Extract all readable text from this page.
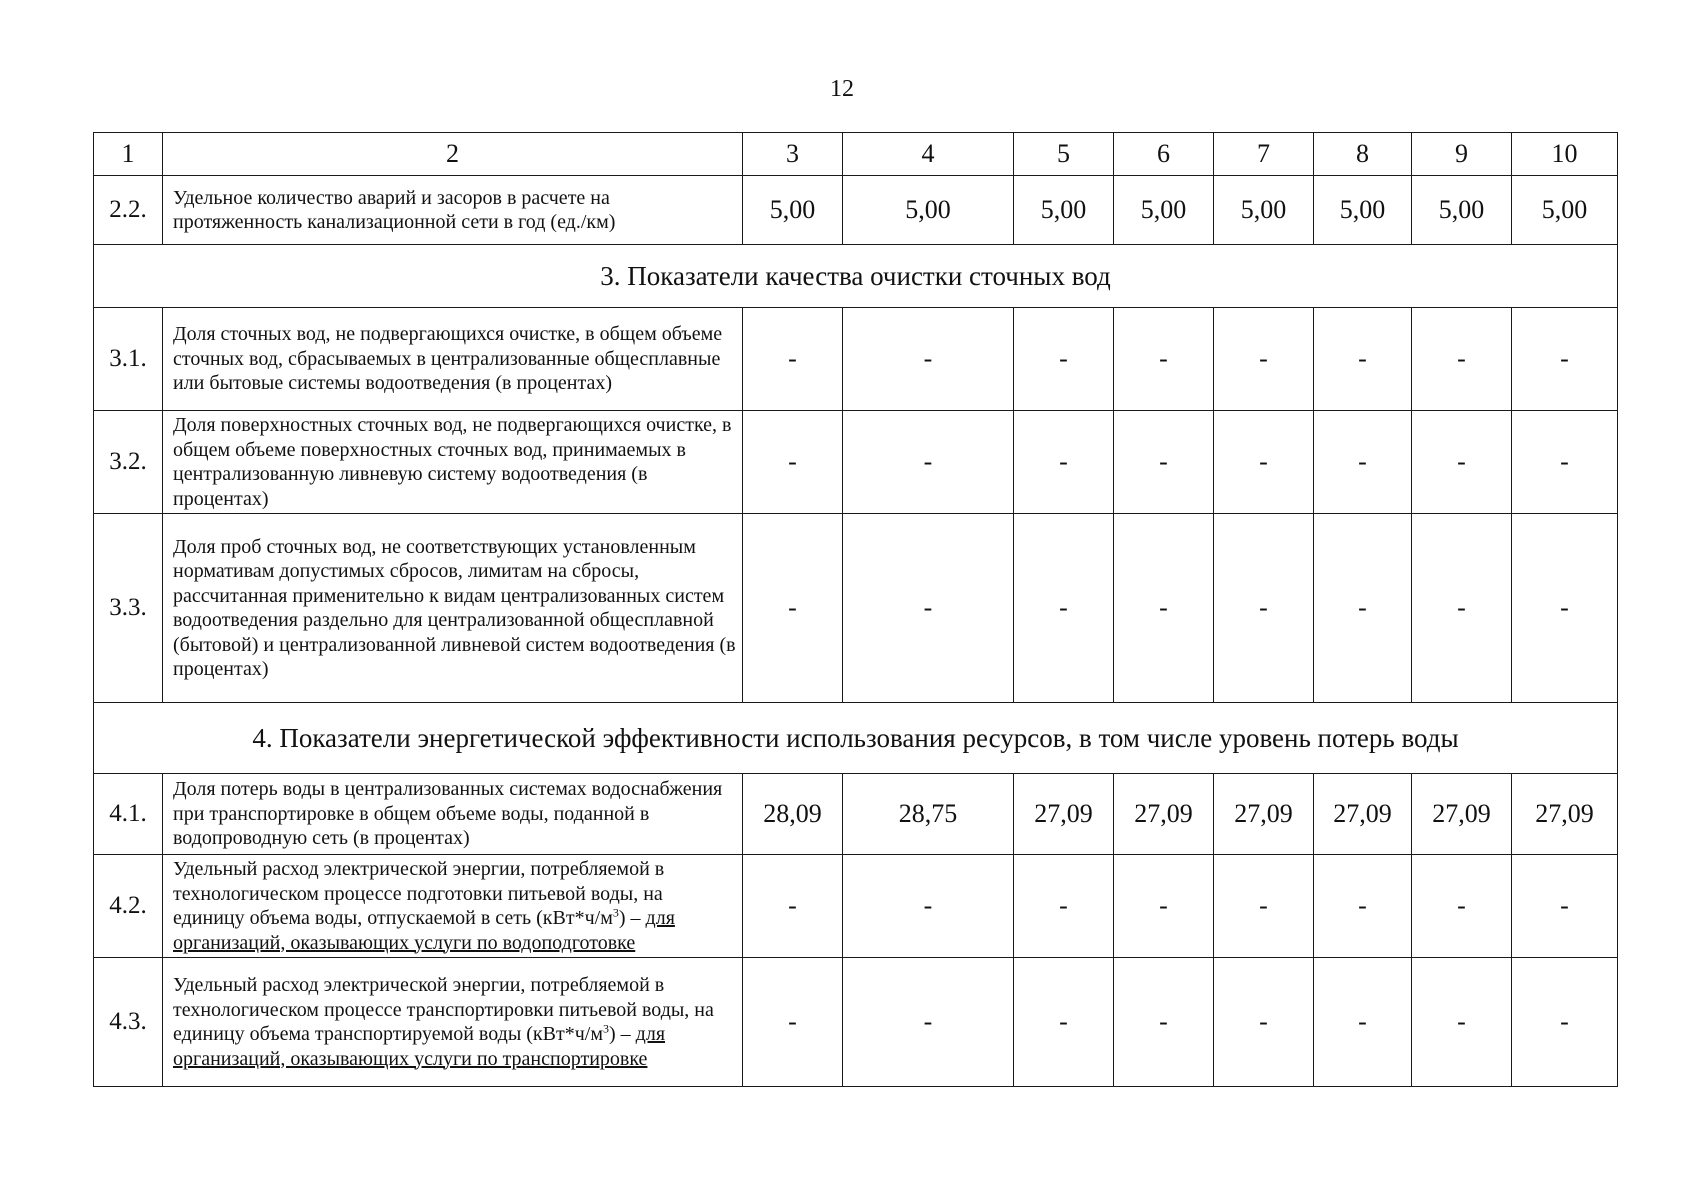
12
1	2	3	4	5	6	7	8	9	10
2.2.	Удельное количество аварий и засоров в расчете на протяженность канализационной сети в год (ед./км)	5,00	5,00	5,00	5,00	5,00	5,00	5,00	5,00
3. Показатели качества очистки сточных вод									
3.1.	Доля сточных вод, не подвергающихся очистке, в общем объеме сточных вод, сбрасываемых в централизованные общесплавные или бытовые системы водоотведения (в процентах)	-	-	-	-	-	-	-	-
3.2.	Доля поверхностных сточных вод, не подвергающихся очистке, в общем объеме поверхностных сточных вод, принимаемых в централизованную ливневую систему водоотведения (в процентах)	-	-	-	-	-	-	-	-
3.3.	Доля проб сточных вод, не соответствующих установленным нормативам допустимых сбросов, лимитам на сбросы, рассчитанная применительно к видам централизованных систем водоотведения раздельно для централизованной общесплавной (бытовой) и централизованной ливневой систем водоотведения (в процентах)	-	-	-	-	-	-	-	-
4. Показатели энергетической эффективности использования ресурсов, в том числе уровень потерь воды									
4.1.	Доля потерь воды в централизованных системах водоснабжения при транспортировке в общем объеме воды, поданной в водопроводную сеть (в процентах)	28,09	28,75	27,09	27,09	27,09	27,09	27,09	27,09
4.2.	Удельный расход электрической энергии, потребляемой в технологическом процессе подготовки питьевой воды, на единицу объема воды, отпускаемой в сеть $(кВт*ч/м^3)$ – для организаций, оказывающих услуги по водоподготовке	-	-	-	-	-	-	-	-
4.3.	Удельный расход электрической энергии, потребляемой в технологическом процессе транспортировки питьевой воды, на единицу объема транспортируемой воды $(кВт*ч/м^3)$ – для организаций, оказывающих услуги по транспортировке	-	-	-	-	-	-	-	-
